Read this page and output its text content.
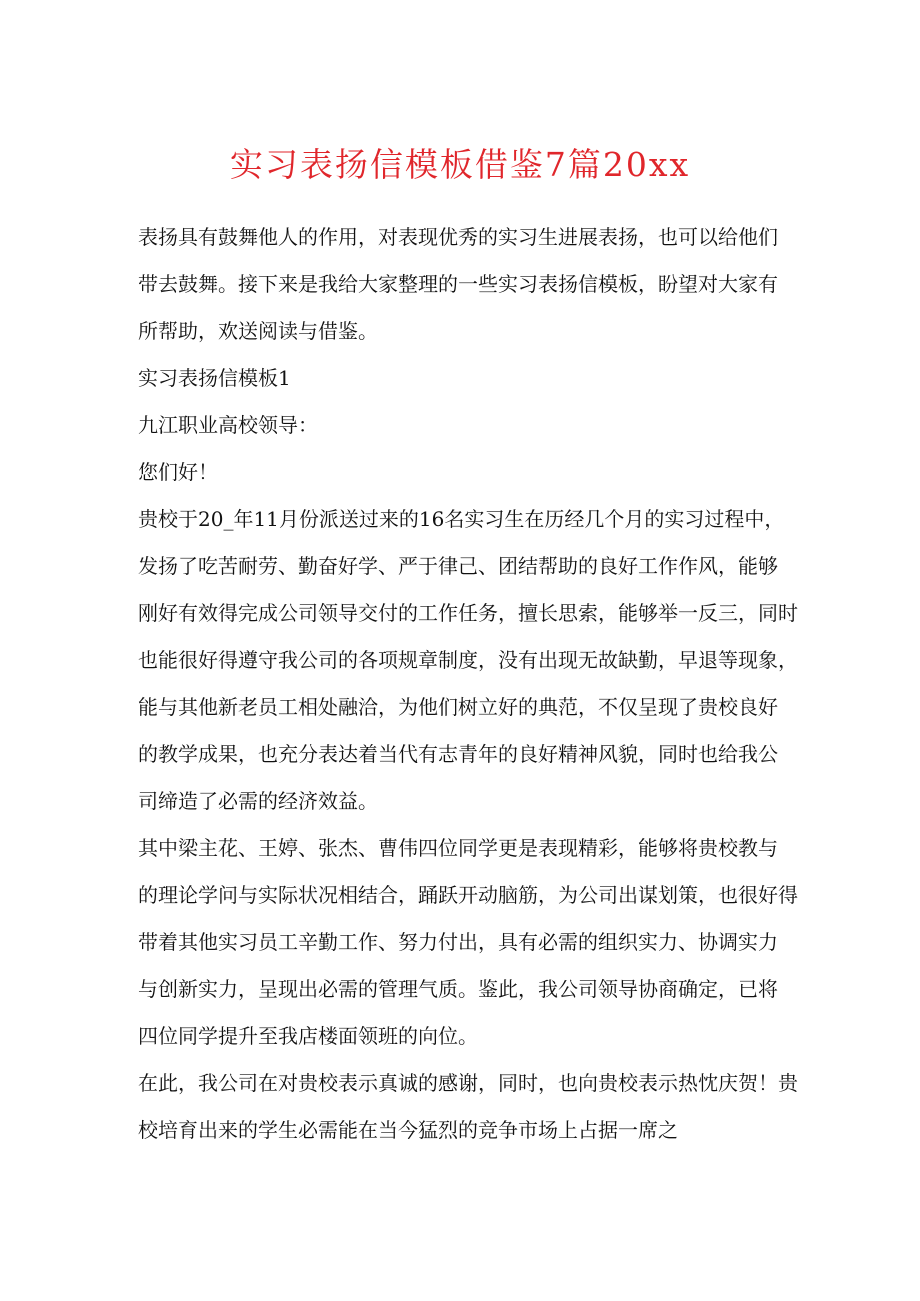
实习表扬信模板借鉴7篇20xx
表扬具有鼓舞他人的作用，对表现优秀的实习生进展表扬，也可以给他们
带去鼓舞。接下来是我给大家整理的一些实习表扬信模板，盼望对大家有
所帮助，欢送阅读与借鉴。
实习表扬信模板1
九江职业高校领导：
您们好！
贵校于20_年11月份派送过来的16名实习生在历经几个月的实习过程中，
发扬了吃苦耐劳、勤奋好学、严于律己、团结帮助的良好工作作风，能够
刚好有效得完成公司领导交付的工作任务，擅长思索，能够举一反三，同时
也能很好得遵守我公司的各项规章制度，没有出现无故缺勤，早退等现象，
能与其他新老员工相处融洽，为他们树立好的典范，不仅呈现了贵校良好
的教学成果，也充分表达着当代有志青年的良好精神风貌，同时也给我公
司缔造了必需的经济效益。
其中梁主花、王婷、张杰、曹伟四位同学更是表现精彩，能够将贵校教与
的理论学问与实际状况相结合，踊跃开动脑筋，为公司出谋划策，也很好得
带着其他实习员工辛勤工作、努力付出，具有必需的组织实力、协调实力
与创新实力，呈现出必需的管理气质。鉴此，我公司领导协商确定，已将
四位同学提升至我店楼面领班的向位。
在此，我公司在对贵校表示真诚的感谢，同时，也向贵校表示热忱庆贺！贵
校培育出来的学生必需能在当今猛烈的竞争市场上占据一席之
